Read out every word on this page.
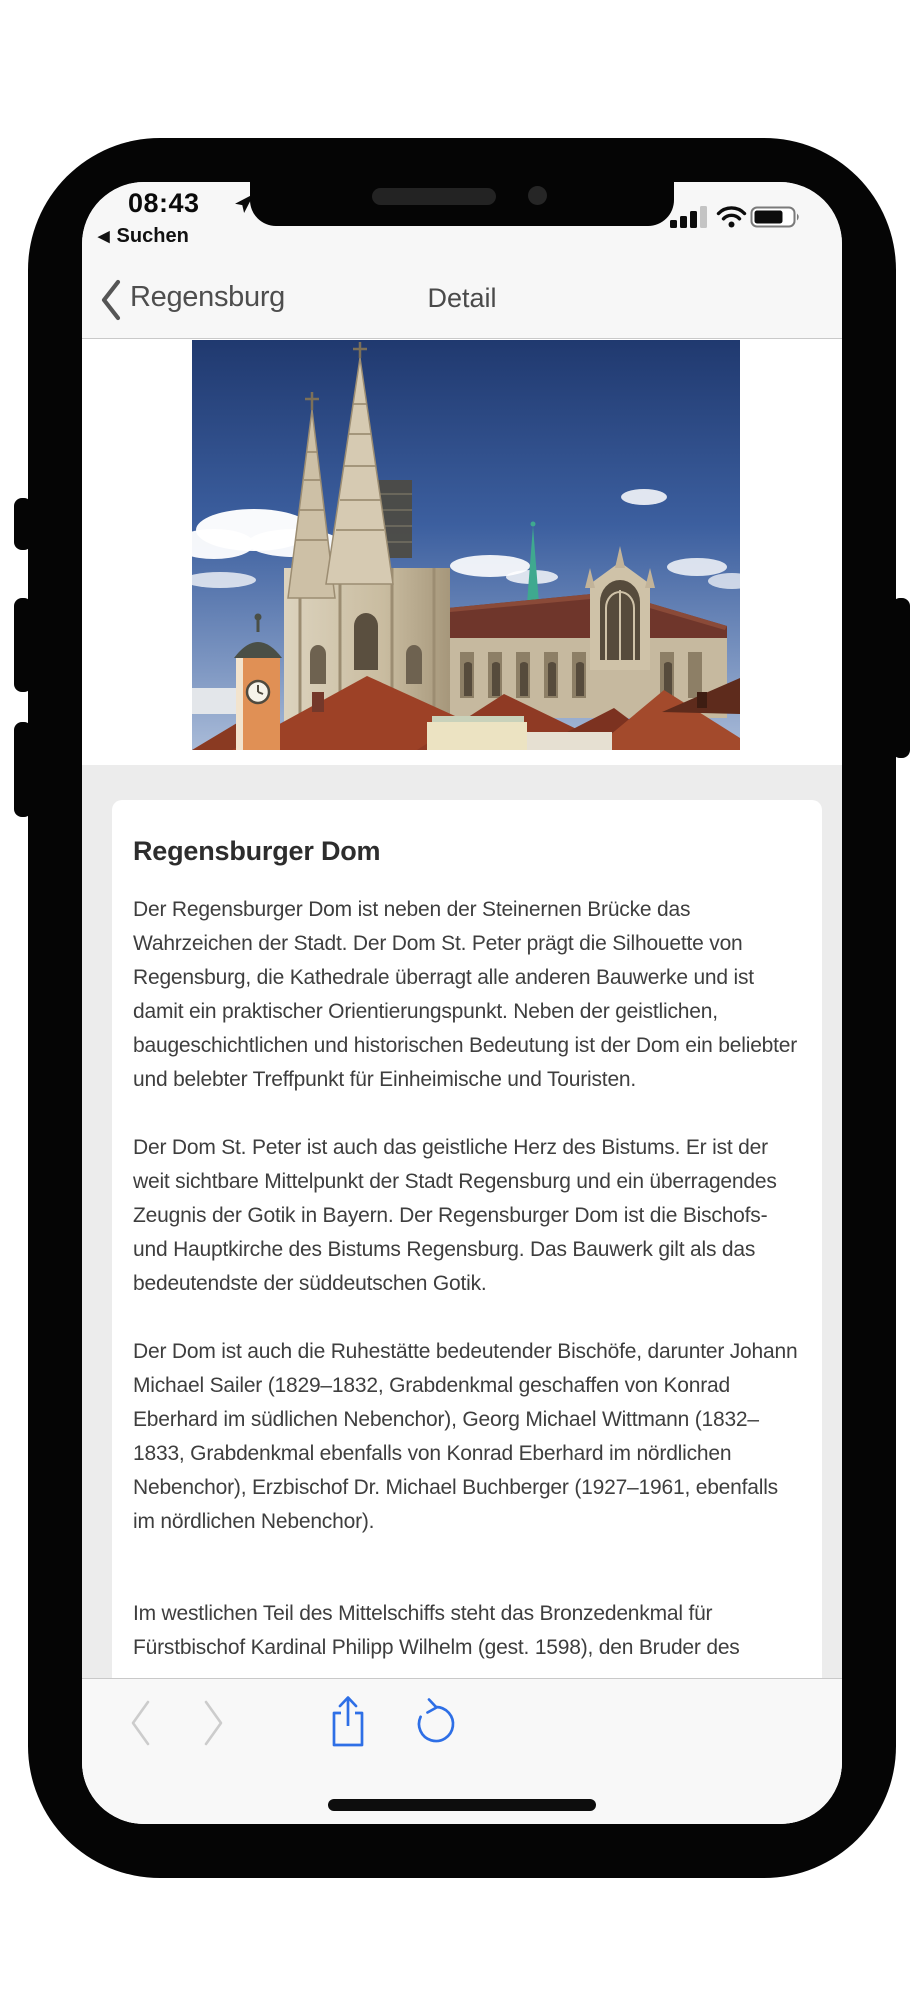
08:43
◀ Suchen
Regensburg	Detail
Regensburger Dom

Der Regensburger Dom ist neben der Steinernen Brücke das Wahrzeichen der Stadt. Der Dom St. Peter prägt die Silhouette von Regensburg, die Kathedrale überragt alle anderen Bauwerke und ist damit ein praktischer Orientierungspunkt. Neben der geistlichen, baugeschichtlichen und historischen Bedeutung ist der Dom ein beliebter und belebter Treffpunkt für Einheimische und Touristen.

Der Dom St. Peter ist auch das geistliche Herz des Bistums. Er ist der weit sichtbare Mittelpunkt der Stadt Regensburg und ein überragendes Zeugnis der Gotik in Bayern. Der Regensburger Dom ist die Bischofs- und Hauptkirche des Bistums Regensburg. Das Bauwerk gilt als das bedeutendste der süddeutschen Gotik.

Der Dom ist auch die Ruhestätte bedeutender Bischöfe, darunter Johann Michael Sailer (1829–1832, Grabdenkmal geschaffen von Konrad Eberhard im südlichen Nebenchor), Georg Michael Wittmann (1832–1833, Grabdenkmal ebenfalls von Konrad Eberhard im nördlichen Nebenchor), Erzbischof Dr. Michael Buchberger (1927–1961, ebenfalls im nördlichen Nebenchor).

Im westlichen Teil des Mittelschiffs steht das Bronzedenkmal für Fürstbischof Kardinal Philipp Wilhelm (gest. 1598), den Bruder des
